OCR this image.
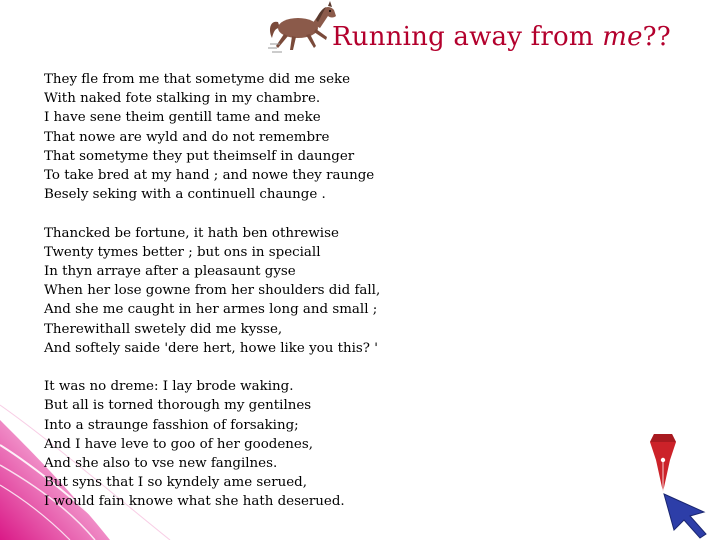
Running away from me??
They fle from me that sometyme did me seke
With naked fote stalking in my chambre.
I have sene theim gentill tame and meke
That nowe are wyld and do not remembre
That sometyme they put theimself in daunger
To take bred at my hand ; and nowe they raunge
Besely seking with a continuell chaunge .
Thancked be fortune, it hath ben othrewise
Twenty tymes better ; but ons in speciall
In thyn arraye after a pleasaunt gyse
When her lose gowne from her shoulders did fall,
And she me caught in her armes long and small ;
Therewithall swetely did me kysse,
And softely saide 'dere hert, howe like you this? '
It was no dreme: I lay brode waking.
But all is torned thorough my gentilnes
Into a straunge fasshion of forsaking;
And I have leve to goo of her goodenes,
And she also to vse new fangilnes.
But syns that I so kyndely ame serued,
I would fain knowe what she hath deserued.
